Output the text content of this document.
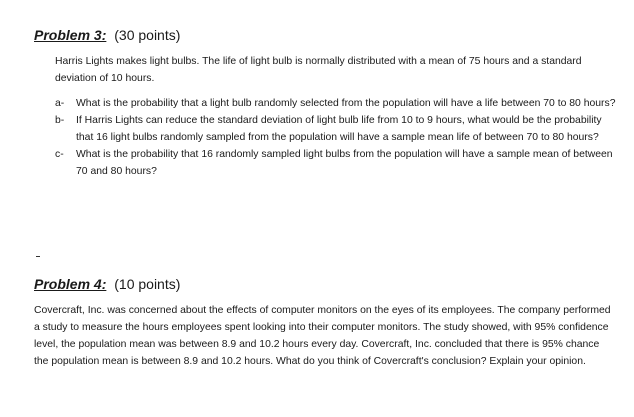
Problem 3: (30 points)
Harris Lights makes light bulbs. The life of light bulb is normally distributed with a mean of 75 hours and a standard deviation of 10 hours.
a- What is the probability that a light bulb randomly selected from the population will have a life between 70 to 80 hours?
b- If Harris Lights can reduce the standard deviation of light bulb life from 10 to 9 hours, what would be the probability that 16 light bulbs randomly sampled from the population will have a sample mean life of between 70 to 80 hours?
c- What is the probability that 16 randomly sampled light bulbs from the population will have a sample mean of between 70 and 80 hours?
Problem 4: (10 points)
Covercraft, Inc. was concerned about the effects of computer monitors on the eyes of its employees. The company performed a study to measure the hours employees spent looking into their computer monitors. The study showed, with 95% confidence level, the population mean was between 8.9 and 10.2 hours every day. Covercraft, Inc. concluded that there is 95% chance the population mean is between 8.9 and 10.2 hours. What do you think of Covercraft's conclusion? Explain your opinion.
